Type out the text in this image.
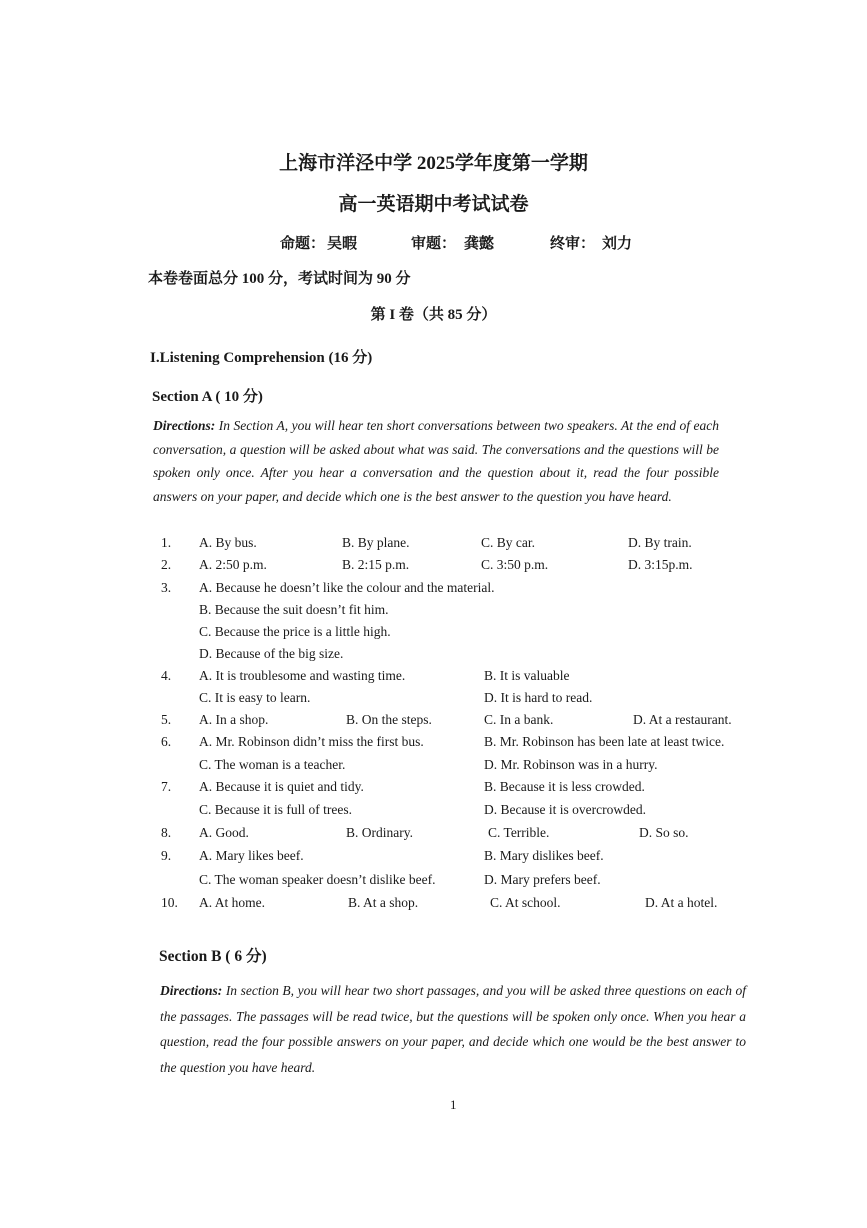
上海市洋泾中学 2025学年度第一学期
高一英语期中考试试卷
命题： 吴暇	审题： 龚懿	终审： 刘力
本卷卷面总分 100 分，考试时间为 90 分
第 I 卷（共 85 分）
I.Listening Comprehension (16 分)
Section A ( 10 分)
Directions: In Section A, you will hear ten short conversations between two speakers. At the end of each conversation, a question will be asked about what was said. The conversations and the questions will be spoken only once. After you hear a conversation and the question about it, read the four possible answers on your paper, and decide which one is the best answer to the question you have heard.
1. A. By bus.	B. By plane.	C. By car.	D. By train.
2. A. 2:50 p.m.	B. 2:15 p.m.	C. 3:50 p.m.	D. 3:15p.m.
3. A. Because he doesn’t like the colour and the material.
B. Because the suit doesn’t fit him.
C. Because the price is a little high.
D. Because of the big size.
4. A. It is troublesome and wasting time.	B. It is valuable
C. It is easy to learn.	D. It is hard to read.
5. A. In a shop.	B. On the steps.	C. In a bank.	D. At a restaurant.
6. A. Mr. Robinson didn’t miss the first bus.	B. Mr. Robinson has been late at least twice.
C. The woman is a teacher.	D. Mr. Robinson was in a hurry.
7. A. Because it is quiet and tidy.	B. Because it is less crowded.
C. Because it is full of trees.	D. Because it is overcrowded.
8. A. Good.	B. Ordinary.	C. Terrible.	D. So so.
9. A. Mary likes beef.	B. Mary dislikes beef.
C. The woman speaker doesn’t dislike beef.	D. Mary prefers beef.
10. A. At home.	B. At a shop.	C. At school.	D. At a hotel.
Section B ( 6 分)
Directions: In section B, you will hear two short passages, and you will be asked three questions on each of the passages. The passages will be read twice, but the questions will be spoken only once. When you hear a question, read the four possible answers on your paper, and decide which one would be the best answer to the question you have heard.
1
